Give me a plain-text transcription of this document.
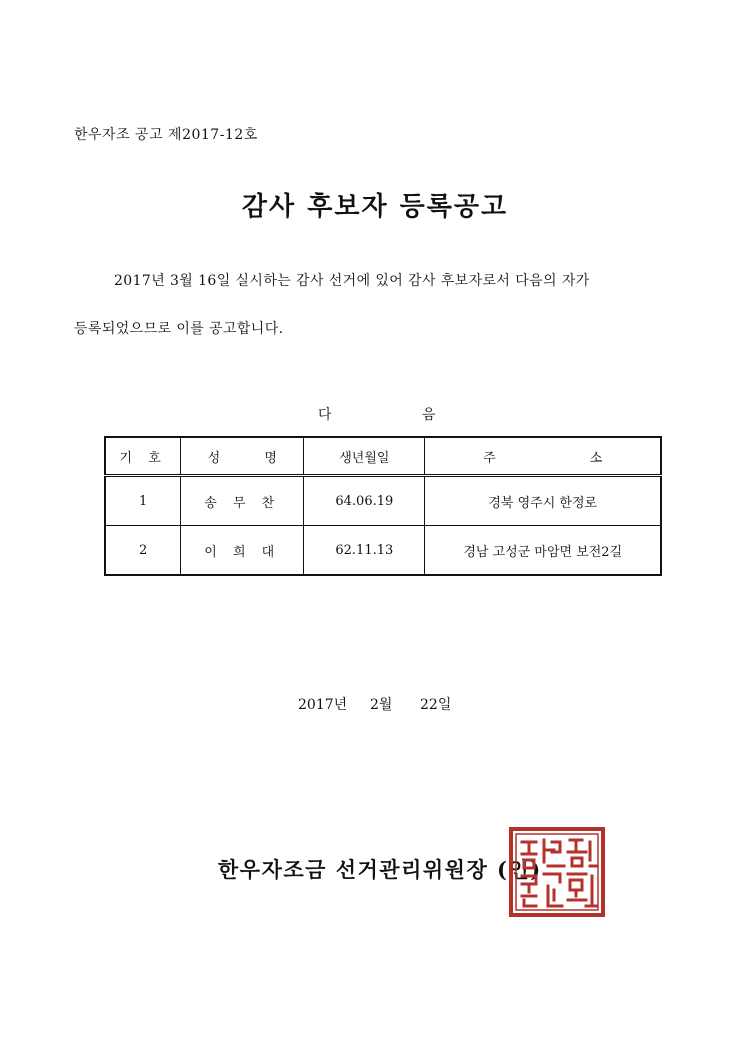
한우자조 공고 제2017-12호
감사 후보자 등록공고
2017년 3월 16일 실시하는 감사 선거에 있어 감사 후보자로서 다음의 자가
등록되었으므로 이를 공고합니다.
다	음
기 호	성 명	생년월일	주 소
1	송 무 찬	64.06.19	경북 영주시 한정로
2	이 희 대	62.11.13	경남 고성군 마암면 보전2길
2017년 2월 22일
한우자조금 선거관리위원장 (인)
